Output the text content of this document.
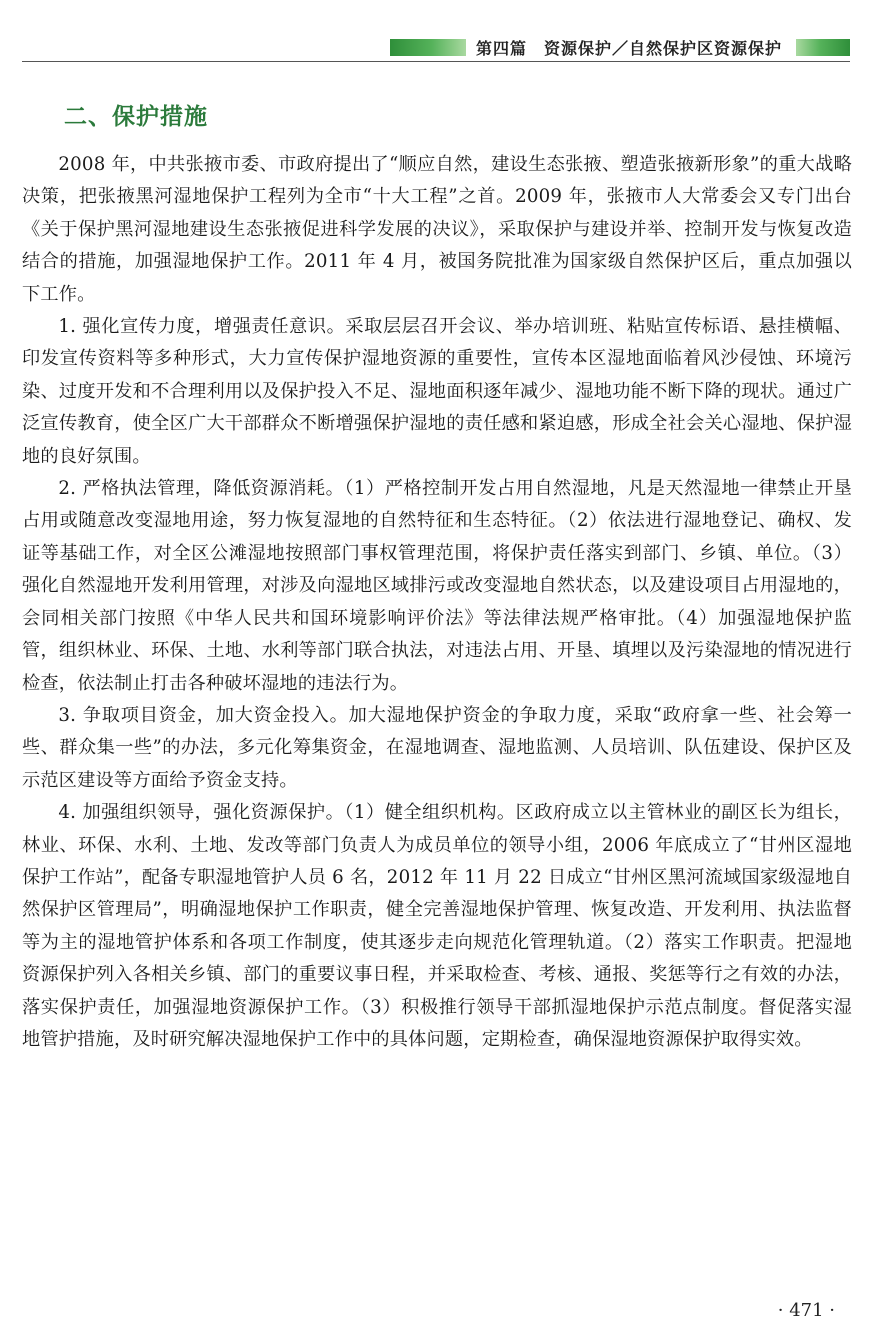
第四篇　资源保护／自然保护区资源保护
二、保护措施

2008 年，中共张掖市委、市政府提出了“顺应自然，建设生态张掖、塑造张掖新形象”的重大战略决策，把张掖黑河湿地保护工程列为全市“十大工程”之首。2009 年，张掖市人大常委会又专门出台《关于保护黑河湿地建设生态张掖促进科学发展的决议》，采取保护与建设并举、控制开发与恢复改造结合的措施，加强湿地保护工作。2011 年 4 月，被国务院批准为国家级自然保护区后，重点加强以下工作。

1. 强化宣传力度，增强责任意识。采取层层召开会议、举办培训班、粘贴宣传标语、悬挂横幅、印发宣传资料等多种形式，大力宣传保护湿地资源的重要性，宣传本区湿地面临着风沙侵蚀、环境污染、过度开发和不合理利用以及保护投入不足、湿地面积逐年减少、湿地功能不断下降的现状。通过广泛宣传教育，使全区广大干部群众不断增强保护湿地的责任感和紧迫感，形成全社会关心湿地、保护湿地的良好氛围。

2. 严格执法管理，降低资源消耗。（1）严格控制开发占用自然湿地，凡是天然湿地一律禁止开垦占用或随意改变湿地用途，努力恢复湿地的自然特征和生态特征。（2）依法进行湿地登记、确权、发证等基础工作，对全区公滩湿地按照部门事权管理范围，将保护责任落实到部门、乡镇、单位。（3）强化自然湿地开发利用管理，对涉及向湿地区域排污或改变湿地自然状态，以及建设项目占用湿地的，会同相关部门按照《中华人民共和国环境影响评价法》等法律法规严格审批。（4）加强湿地保护监管，组织林业、环保、土地、水利等部门联合执法，对违法占用、开垦、填埋以及污染湿地的情况进行检查，依法制止打击各种破坏湿地的违法行为。

3. 争取项目资金，加大资金投入。加大湿地保护资金的争取力度，采取“政府拿一些、社会筹一些、群众集一些”的办法，多元化筹集资金，在湿地调查、湿地监测、人员培训、队伍建设、保护区及示范区建设等方面给予资金支持。

4. 加强组织领导，强化资源保护。（1）健全组织机构。区政府成立以主管林业的副区长为组长，林业、环保、水利、土地、发改等部门负责人为成员单位的领导小组，2006 年底成立了“甘州区湿地保护工作站”，配备专职湿地管护人员 6 名，2012 年 11 月 22 日成立“甘州区黑河流域国家级湿地自然保护区管理局”，明确湿地保护工作职责，健全完善湿地保护管理、恢复改造、开发利用、执法监督等为主的湿地管护体系和各项工作制度，使其逐步走向规范化管理轨道。（2）落实工作职责。把湿地资源保护列入各相关乡镇、部门的重要议事日程，并采取检查、考核、通报、奖惩等行之有效的办法，落实保护责任，加强湿地资源保护工作。（3）积极推行领导干部抓湿地保护示范点制度。督促落实湿地管护措施，及时研究解决湿地保护工作中的具体问题，定期检查，确保湿地资源保护取得实效。

· 471 ·
